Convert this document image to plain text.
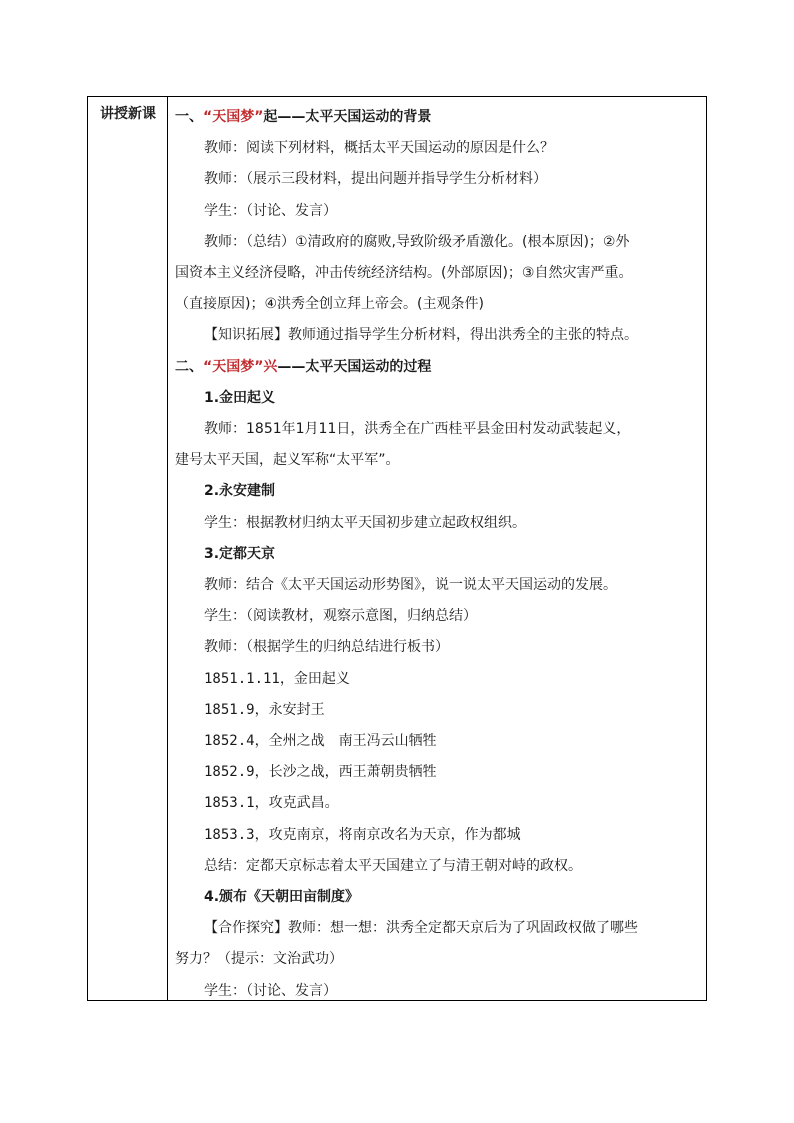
讲授新课	一、“天国梦”起——太平天国运动的背景

教师：阅读下列材料，概括太平天国运动的原因是什么？

教师：（展示三段材料，提出问题并指导学生分析材料）

学生：（讨论、发言）

教师：（总结）①清政府的腐败,导致阶级矛盾激化。(根本原因)；②外

国资本主义经济侵略，冲击传统经济结构。(外部原因)；③自然灾害严重。

（直接原因)；④洪秀全创立拜上帝会。(主观条件)

【知识拓展】教师通过指导学生分析材料，得出洪秀全的主张的特点。

二、“天国梦”兴——太平天国运动的过程

1.金田起义

教师：1851年1月11日，洪秀全在广西桂平县金田村发动武装起义，

建号太平天国，起义军称“太平军”。

2.永安建制

学生：根据教材归纳太平天国初步建立起政权组织。

3.定都天京

教师：结合《太平天国运动形势图》，说一说太平天国运动的发展。

学生：（阅读教材，观察示意图，归纳总结）

教师：（根据学生的归纳总结进行板书）

1851.1.11，金田起义

1851.9，永安封王

1852.4，全州之战　南王冯云山牺牲

1852.9，长沙之战，西王萧朝贵牺牲

1853.1，攻克武昌。

1853.3，攻克南京，将南京改名为天京，作为都城

总结：定都天京标志着太平天国建立了与清王朝对峙的政权。

4.颁布《天朝田亩制度》

【合作探究】教师：想一想：洪秀全定都天京后为了巩固政权做了哪些

努力？（提示：文治武功）

学生：（讨论、发言）
